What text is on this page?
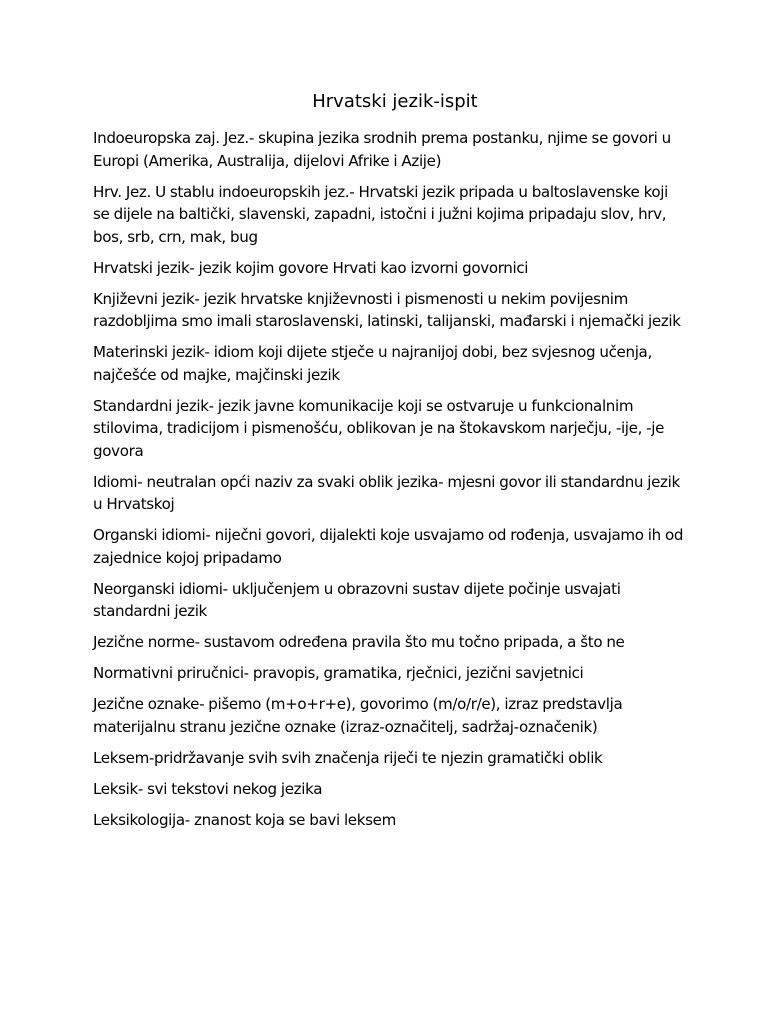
Hrvatski jezik-ispit

Indoeuropska zaj. Jez.- skupina jezika srodnih prema postanku, njime se govori u
Europi (Amerika, Australija, dijelovi Afrike i Azije)

Hrv. Jez. U stablu indoeuropskih jez.- Hrvatski jezik pripada u baltoslavenske koji
se dijele na baltički, slavenski, zapadni, istočni i južni kojima pripadaju slov, hrv,
bos, srb, crn, mak, bug

Hrvatski jezik- jezik kojim govore Hrvati kao izvorni govornici

Književni jezik- jezik hrvatske književnosti i pismenosti u nekim povijesnim
razdobljima smo imali staroslavenski, latinski, talijanski, mađarski i njemački jezik

Materinski jezik- idiom koji dijete stječe u najranijoj dobi, bez svjesnog učenja,
najčešće od majke, majčinski jezik

Standardni jezik- jezik javne komunikacije koji se ostvaruje u funkcionalnim
stilovima, tradicijom i pismenošću, oblikovan je na štokavskom narječju, -ije, -je
govora

Idiomi- neutralan opći naziv za svaki oblik jezika- mjesni govor ili standardnu jezik
u Hrvatskoj

Organski idiomi- niječni govori, dijalekti koje usvajamo od rođenja, usvajamo ih od
zajednice kojoj pripadamo

Neorganski idiomi- uključenjem u obrazovni sustav dijete počinje usvajati
standardni jezik

Jezične norme- sustavom određena pravila što mu točno pripada, a što ne

Normativni priručnici- pravopis, gramatika, rječnici, jezični savjetnici

Jezične oznake- pišemo (m+o+r+e), govorimo (m/o/r/e), izraz predstavlja
materijalnu stranu jezične oznake (izraz-označitelj, sadržaj-označenik)

Leksem-pridržavanje svih svih značenja riječi te njezin gramatički oblik

Leksik- svi tekstovi nekog jezika

Leksikologija- znanost koja se bavi leksem
